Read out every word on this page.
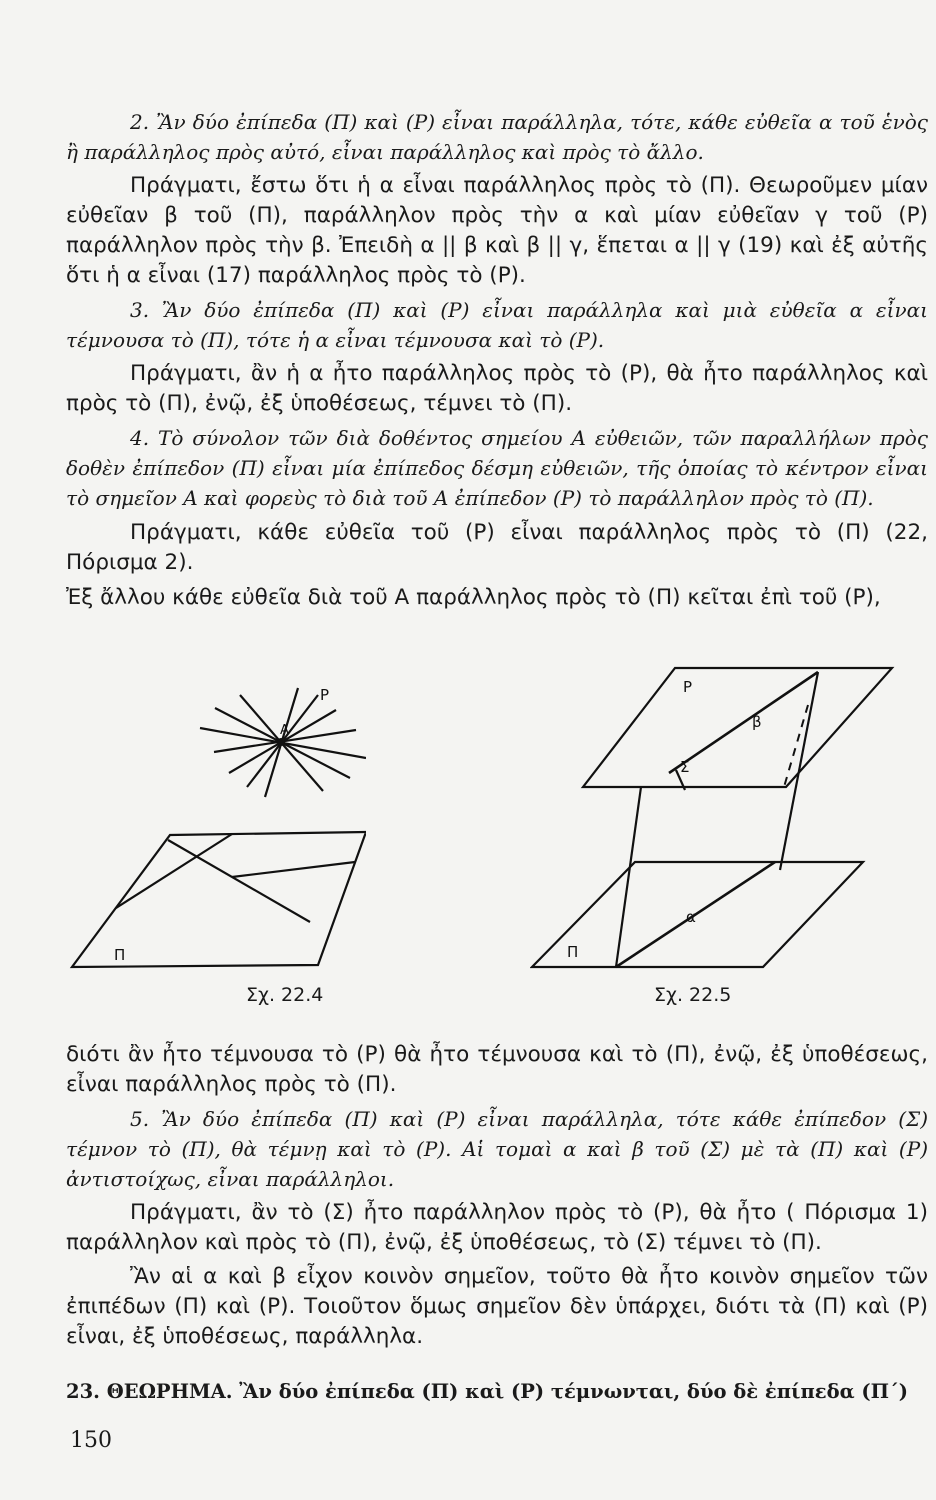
2. Ἂν δύο ἐπίπεδα (Π) καὶ (Ρ) εἶναι παράλληλα, τότε, κάθε εὐθεῖα α τοῦ ἑνὸς ἢ παράλληλος πρὸς αὐτό, εἶναι παράλληλος καὶ πρὸς τὸ ἄλλο.

Πράγματι, ἔστω ὅτι ἡ α εἶναι παράλληλος πρὸς τὸ (Π). Θεωροῦμεν μίαν εὐθεῖαν β τοῦ (Π), παράλληλον πρὸς τὴν α καὶ μίαν εὐθεῖαν γ τοῦ (Ρ) παράλληλον πρὸς τὴν β. Ἐπειδὴ α || β καὶ β || γ, ἕπεται α || γ (19) καὶ ἐξ αὐτῆς ὅτι ἡ α εἶναι (17) παράλληλος πρὸς τὸ (Ρ).

3. Ἂν δύο ἐπίπεδα (Π) καὶ (Ρ) εἶναι παράλληλα καὶ μιὰ εὐθεῖα α εἶναι τέμνουσα τὸ (Π), τότε ἡ α εἶναι τέμνουσα καὶ τὸ (Ρ).

Πράγματι, ἂν ἡ α ἦτο παράλληλος πρὸς τὸ (Ρ), θὰ ἦτο παράλληλος καὶ πρὸς τὸ (Π), ἐνῷ, ἐξ ὑποθέσεως, τέμνει τὸ (Π).

4. Τὸ σύνολον τῶν διὰ δοθέντος σημείου Α εὐθειῶν, τῶν παραλλήλων πρὸς δοθὲν ἐπίπεδον (Π) εἶναι μία ἐπίπεδος δέσμη εὐθειῶν, τῆς ὁποίας τὸ κέντρον εἶναι τὸ σημεῖον Α καὶ φορεὺς τὸ διὰ τοῦ Α ἐπίπεδον (Ρ) τὸ παράλληλον πρὸς τὸ (Π).

Πράγματι, κάθε εὐθεῖα τοῦ (Ρ) εἶναι παράλληλος πρὸς τὸ (Π) (22, Πόρισμα 2).

Ἐξ ἄλλου κάθε εὐθεῖα διὰ τοῦ Α παράλληλος πρὸς τὸ (Π) κεῖται ἐπὶ τοῦ (Ρ),

Ρ
Α
Π
Σχ. 22.4
Ρ
β
Σ
α
Π
Σχ. 22.5

διότι ἂν ἦτο τέμνουσα τὸ (Ρ) θὰ ἦτο τέμνουσα καὶ τὸ (Π), ἐνῷ, ἐξ ὑποθέσεως, εἶναι παράλληλος πρὸς τὸ (Π).

5. Ἂν δύο ἐπίπεδα (Π) καὶ (Ρ) εἶναι παράλληλα, τότε κάθε ἐπίπεδον (Σ) τέμνον τὸ (Π), θὰ τέμνῃ καὶ τὸ (Ρ). Αἱ τομαὶ α καὶ β τοῦ (Σ) μὲ τὰ (Π) καὶ (Ρ) ἀντιστοίχως, εἶναι παράλληλοι.

Πράγματι, ἂν τὸ (Σ) ἦτο παράλληλον πρὸς τὸ (Ρ), θὰ ἦτο ( Πόρισμα 1) παράλληλον καὶ πρὸς τὸ (Π), ἐνῷ, ἐξ ὑποθέσεως, τὸ (Σ) τέμνει τὸ (Π).

Ἂν αἱ α καὶ β εἶχον κοινὸν σημεῖον, τοῦτο θὰ ἦτο κοινὸν σημεῖον τῶν ἐπιπέδων (Π) καὶ (Ρ). Τοιοῦτον ὅμως σημεῖον δὲν ὑπάρχει, διότι τὰ (Π) καὶ (Ρ) εἶναι, ἐξ ὑποθέσεως, παράλληλα.

23. ΘΕΩΡΗΜΑ. Ἂν δύο ἐπίπεδα (Π) καὶ (Ρ) τέμνωνται, δύο δὲ ἐπίπεδα (Π΄)

150
